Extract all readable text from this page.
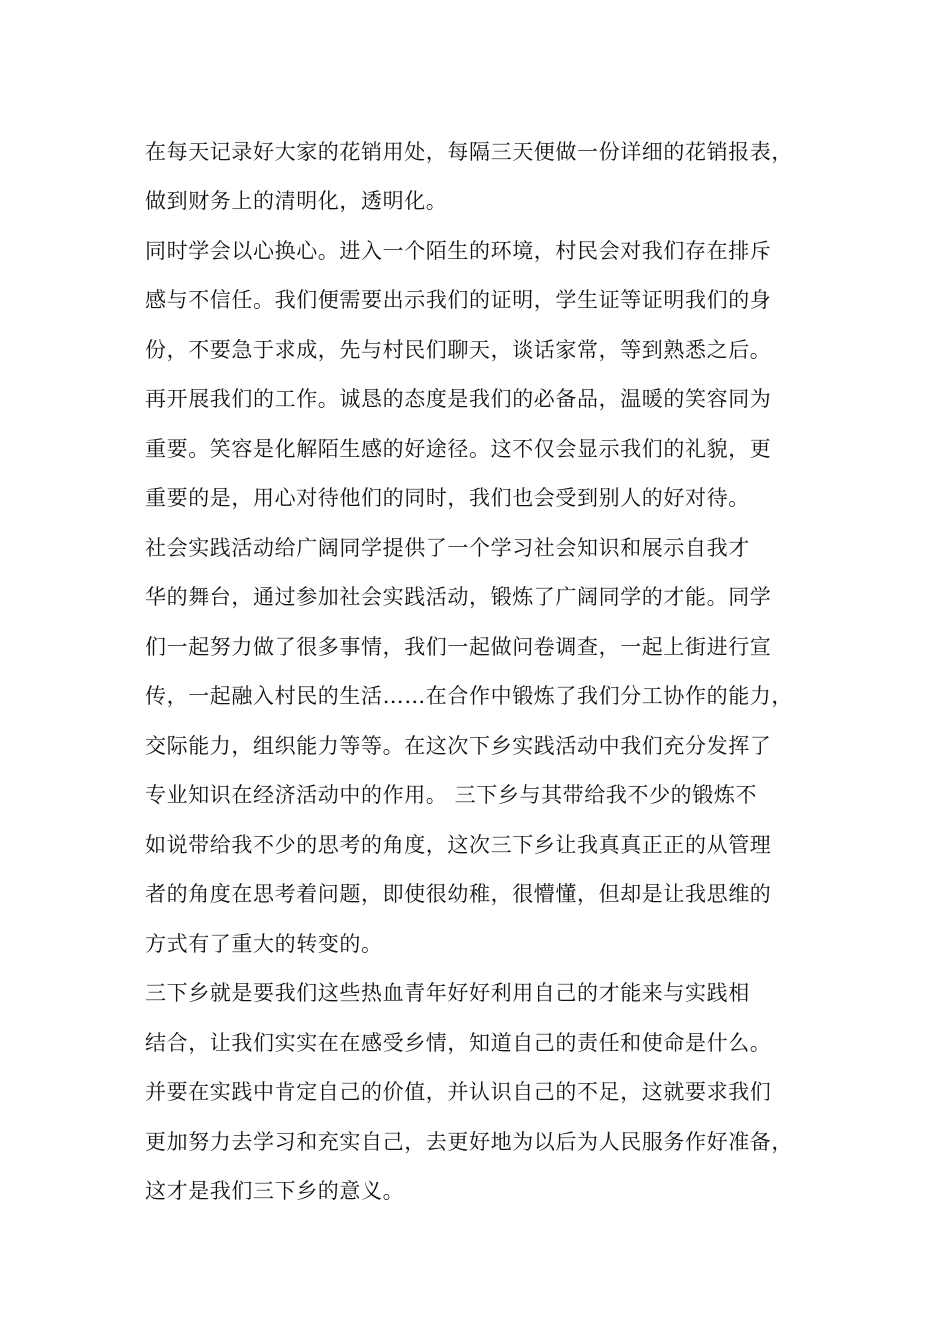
在每天记录好大家的花销用处，每隔三天便做一份详细的花销报表，
做到财务上的清明化，透明化。
同时学会以心换心。进入一个陌生的环境，村民会对我们存在排斥
感与不信任。我们便需要出示我们的证明，学生证等证明我们的身
份，不要急于求成，先与村民们聊天，谈话家常，等到熟悉之后。
再开展我们的工作。诚恳的态度是我们的必备品，温暖的笑容同为
重要。笑容是化解陌生感的好途径。这不仅会显示我们的礼貌，更
重要的是，用心对待他们的同时，我们也会受到别人的好对待。
社会实践活动给广阔同学提供了一个学习社会知识和展示自我才
华的舞台，通过参加社会实践活动，锻炼了广阔同学的才能。同学
们一起努力做了很多事情，我们一起做问卷调查，一起上街进行宣
传，一起融入村民的生活……在合作中锻炼了我们分工协作的能力，
交际能力，组织能力等等。在这次下乡实践活动中我们充分发挥了
专业知识在经济活动中的作用。 三下乡与其带给我不少的锻炼不
如说带给我不少的思考的角度，这次三下乡让我真真正正的从管理
者的角度在思考着问题，即使很幼稚，很懵懂，但却是让我思维的
方式有了重大的转变的。
三下乡就是要我们这些热血青年好好利用自己的才能来与实践相
结合，让我们实实在在感受乡情，知道自己的责任和使命是什么。
并要在实践中肯定自己的价值，并认识自己的不足，这就要求我们
更加努力去学习和充实自己，去更好地为以后为人民服务作好准备，
这才是我们三下乡的意义。
